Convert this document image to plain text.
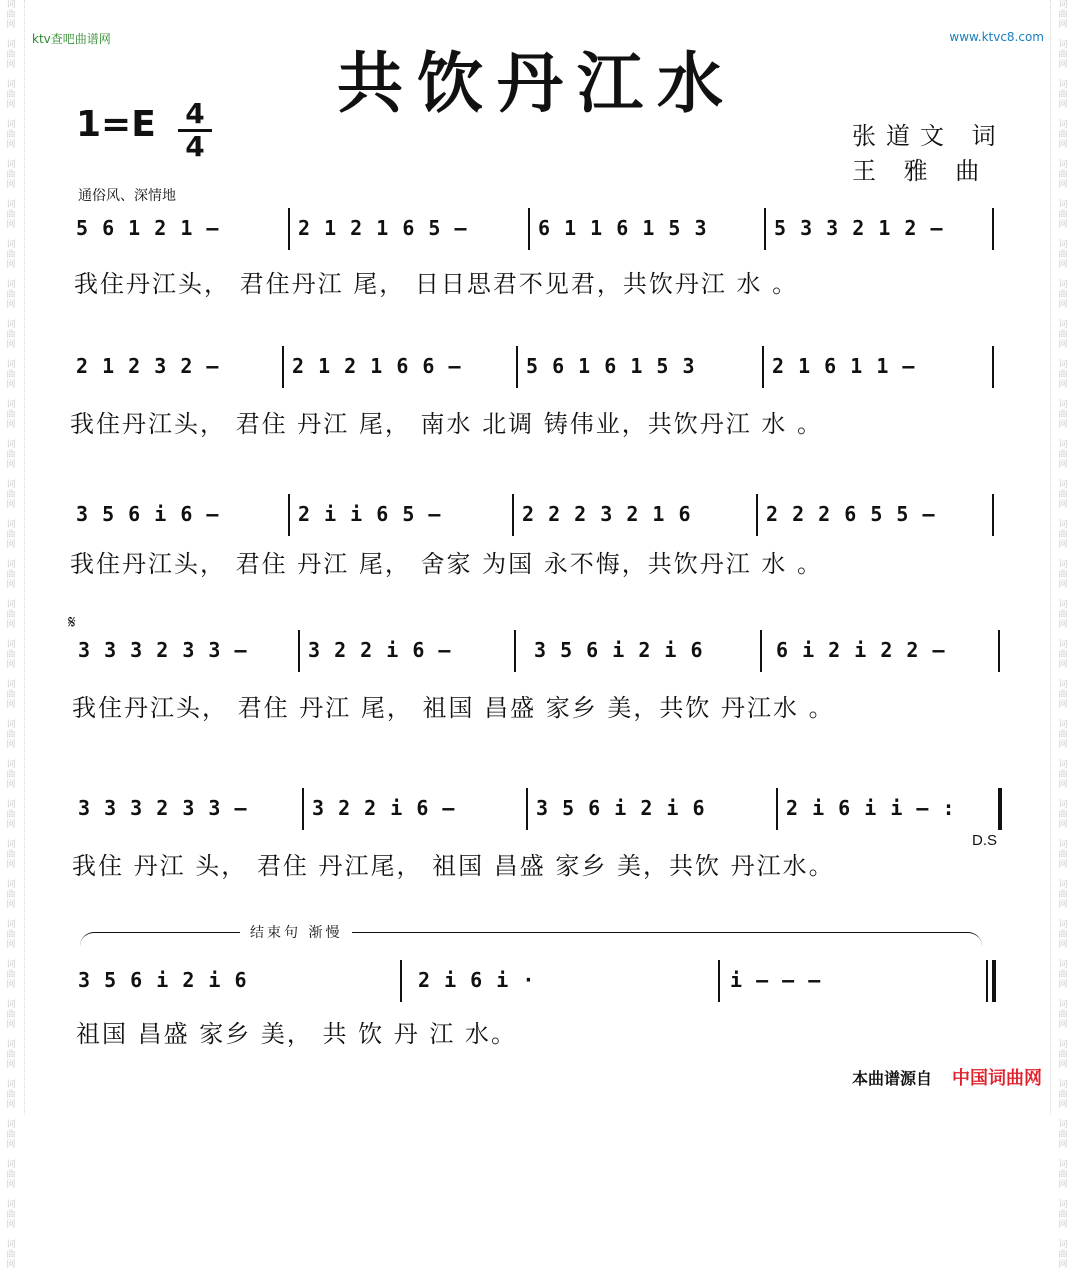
词
曲
网

词
曲
网

词
曲
网

词
曲
网

词
曲
网

词
曲
网

词
曲
网

词
曲
网

词
曲
网

词
曲
网

词
曲
网

词
曲
网

词
曲
网

词
曲
网

词
曲
网

词
曲
网

词
曲
网

词
曲
网

词
曲
网

词
曲
网

词
曲
网

词
曲
网

词
曲
网

词
曲
网

词
曲
网

词
曲
网

词
曲
网

词
曲
网

词
曲
网

词
曲
网

词
曲
网

词
曲
网
词
曲
网

词
曲
网

词
曲
网

词
曲
网

词
曲
网

词
曲
网

词
曲
网

词
曲
网

词
曲
网

词
曲
网

词
曲
网

词
曲
网

词
曲
网

词
曲
网

词
曲
网

词
曲
网

词
曲
网

词
曲
网

词
曲
网

词
曲
网

词
曲
网

词
曲
网

词
曲
网

词
曲
网

词
曲
网

词
曲
网

词
曲
网

词
曲
网

词
曲
网

词
曲
网

词
曲
网

词
曲
网
ktv查吧曲谱网	www.ktvc8.com
共饮丹江水
1=E 4
4	张道文 词
王 雅 曲
通俗风、深情地
5 6 1 2 1 –	2 1 2 1 6 5 –	6 1 1 6 1 5 3	5 3 3 2 1 2 –
我住丹江头， 君住丹江 尾， 日日思君不见君，共饮丹江 水 。
2 1 2 3 2 –	2 1 2 1 6 6 –	5 6 1 6 1 5 3	2 1 6 1 1 –
我住丹江头， 君住 丹江 尾， 南水 北调 铸伟业，共饮丹江 水 。
3 5 6 i 6 –	2 i i 6 5 –	2 2 2 3 2 1 6	2 2 2 6 5 5 –
我住丹江头， 君住 丹江 尾， 舍家 为国 永不悔，共饮丹江 水 。
𝄋
3 3 3 2 3 3 –	3 2 2 i 6 –	3 5 6 i 2 i 6	6 i 2 i 2 2 –
我住丹江头， 君住 丹江 尾， 祖国 昌盛 家乡 美，共饮 丹江水 。
3 3 3 2 3 3 –	3 2 2 i 6 –	3 5 6 i 2 i 6	2 i 6 i i – :
D.S
我住 丹江 头， 君住 丹江尾， 祖国 昌盛 家乡 美，共饮 丹江水。
结束句 渐慢
3 5 6 i 2 i 6	2 i 6 i ·	i – – –
祖国 昌盛 家乡 美， 共 饮 丹 江 水。
本曲谱源自 中国词曲网
